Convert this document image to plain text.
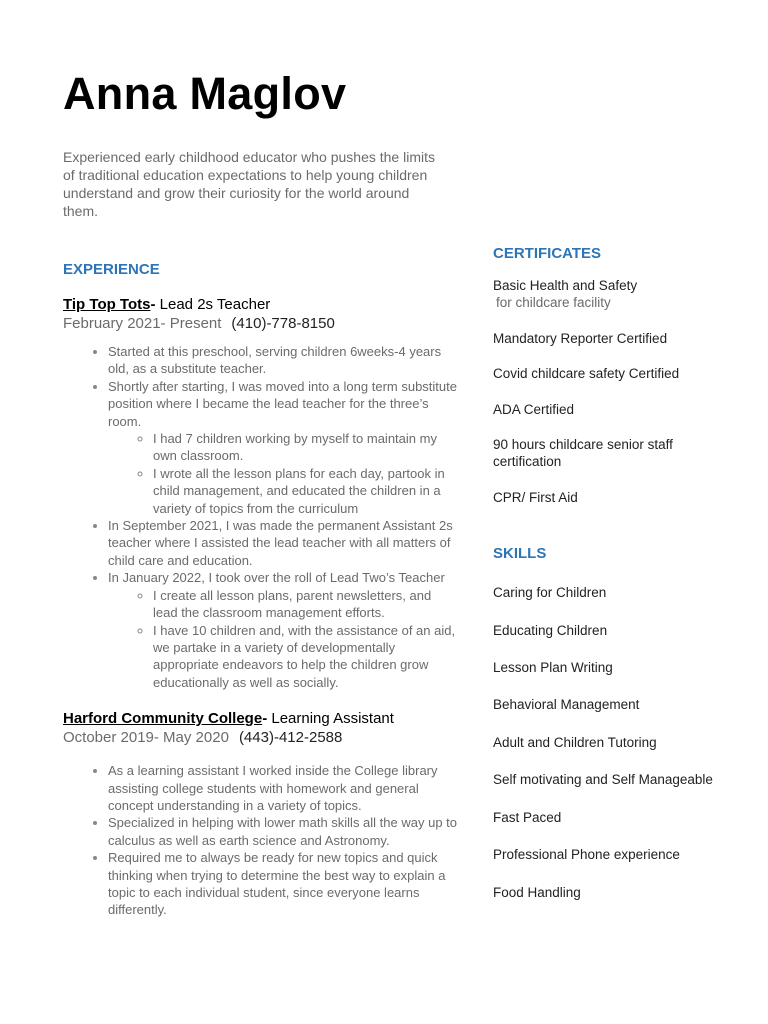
Anna Maglov

Experienced early childhood educator who pushes the limits of traditional education expectations to help young children understand and grow their curiosity for the world around them.

EXPERIENCE

Tip Top Tots- Lead 2s Teacher

February 2021- Present (410)-778-8150

• Started at this preschool, serving children 6weeks-4 years old, as a substitute teacher.
• Shortly after starting, I was moved into a long term substitute position where I became the lead teacher for the three’s room.
◦ I had 7 children working by myself to maintain my own classroom.
◦ I wrote all the lesson plans for each day, partook in child management, and educated the children in a variety of topics from the curriculum
• In September 2021, I was made the permanent Assistant 2s teacher where I assisted the lead teacher with all matters of child care and education.
• In January 2022, I took over the roll of Lead Two’s Teacher
◦ I create all lesson plans, parent newsletters, and lead the classroom management efforts.
◦ I have 10 children and, with the assistance of an aid, we partake in a variety of developmentally appropriate endeavors to help the children grow educationally as well as socially.

Harford Community College- Learning Assistant

October 2019- May 2020 (443)-412-2588

• As a learning assistant I worked inside the College library assisting college students with homework and general concept understanding in a variety of topics.
• Specialized in helping with lower math skills all the way up to calculus as well as earth science and Astronomy.
• Required me to always be ready for new topics and quick thinking when trying to determine the best way to explain a topic to each individual student, since everyone learns differently.
CERTIFICATES

Basic Health and Safety
for childcare facility

Mandatory Reporter Certified

Covid childcare safety Certified

ADA Certified

90 hours childcare senior staff certification

CPR/ First Aid

SKILLS

Caring for Children

Educating Children

Lesson Plan Writing

Behavioral Management

Adult and Children Tutoring

Self motivating and Self Manageable

Fast Paced

Professional Phone experience

Food Handling
